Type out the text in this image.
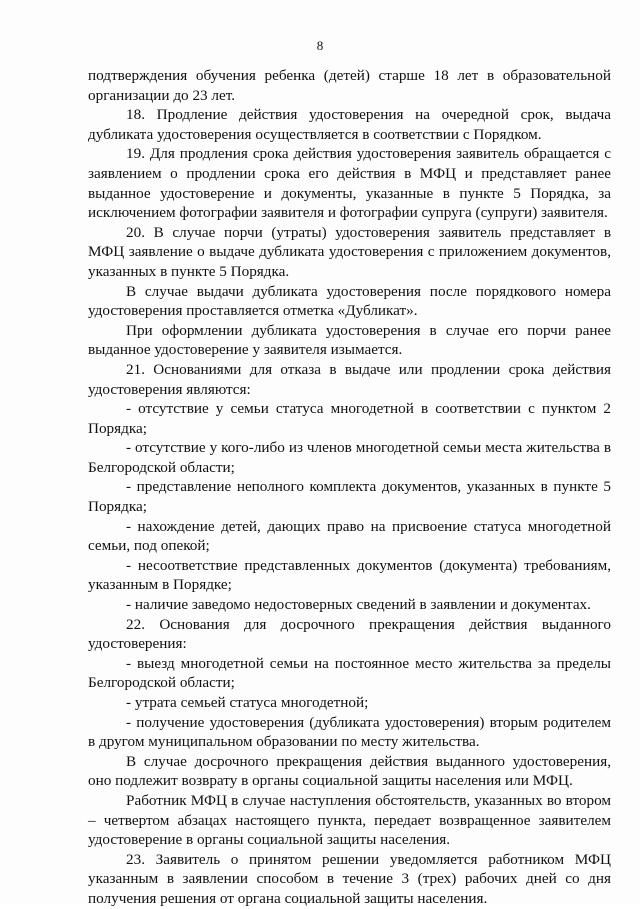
8

подтверждения обучения ребенка (детей) старше 18 лет в образовательной организации до 23 лет.

18. Продление действия удостоверения на очередной срок, выдача дубликата удостоверения осуществляется в соответствии с Порядком.

19. Для продления срока действия удостоверения заявитель обращается с заявлением о продлении срока его действия в МФЦ и представляет ранее выданное удостоверение и документы, указанные в пункте 5 Порядка, за исключением фотографии заявителя и фотографии супруга (супруги) заявителя.

20. В случае порчи (утраты) удостоверения заявитель представляет в МФЦ заявление о выдаче дубликата удостоверения с приложением документов, указанных в пункте 5 Порядка.

В случае выдачи дубликата удостоверения после порядкового номера удостоверения проставляется отметка «Дубликат».

При оформлении дубликата удостоверения в случае его порчи ранее выданное удостоверение у заявителя изымается.

21. Основаниями для отказа в выдаче или продлении срока действия удостоверения являются:

- отсутствие у семьи статуса многодетной в соответствии с пунктом 2 Порядка;

- отсутствие у кого-либо из членов многодетной семьи места жительства в Белгородской области;

- представление неполного комплекта документов, указанных в пункте 5 Порядка;

- нахождение детей, дающих право на присвоение статуса многодетной семьи, под опекой;

- несоответствие представленных документов (документа) требованиям, указанным в Порядке;

- наличие заведомо недостоверных сведений в заявлении и документах.

22. Основания для досрочного прекращения действия выданного удостоверения:

- выезд многодетной семьи на постоянное место жительства за пределы Белгородской области;

- утрата семьей статуса многодетной;

- получение удостоверения (дубликата удостоверения) вторым родителем в другом муниципальном образовании по месту жительства.

В случае досрочного прекращения действия выданного удостоверения, оно подлежит возврату в органы социальной защиты населения или МФЦ.

Работник МФЦ в случае наступления обстоятельств, указанных во втором – четвертом абзацах настоящего пункта, передает возвращенное заявителем удостоверение в органы социальной защиты населения.

23. Заявитель о принятом решении уведомляется работником МФЦ указанным в заявлении способом в течение 3 (трех) рабочих дней со дня получения решения от органа социальной защиты населения.
